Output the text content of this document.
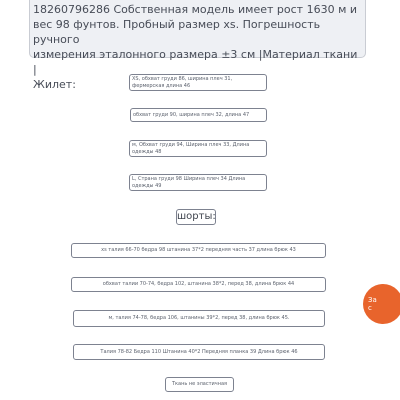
18260796286 Собственная модель имеет рост 1630 м и
вес 98 фунтов. Пробный размер xs. Погрешность ручного
измерения эталонного размера ±3 см |Материал ткани |
Жилет:	XS, обхват груди 86, ширина плеч 31,
фермерская длина 46
обхват груди 90, ширина плеч 32, длина 47
м, Обхват груди 94, Ширина плеч 33, Длина
одежды 48
L, Страна груди 98 Ширина плеч 34 Длина
одежды 49
шорты:
xs талия 66-70 бедра 98 штанина 37*2 передняя часть 37 длина брюк 43
обхват талии 70-74, бедра 102, штанина 38*2, перед 38, длина брюк 44
м, талия 74-78, бедра 106, штанины 39*2, перед 38, длина брюк 45.
Талия 78-82 Бедра 110 Штанина 40*2 Передняя планка 39 Длина брюк 46
Ткань не эластичная
За
с
